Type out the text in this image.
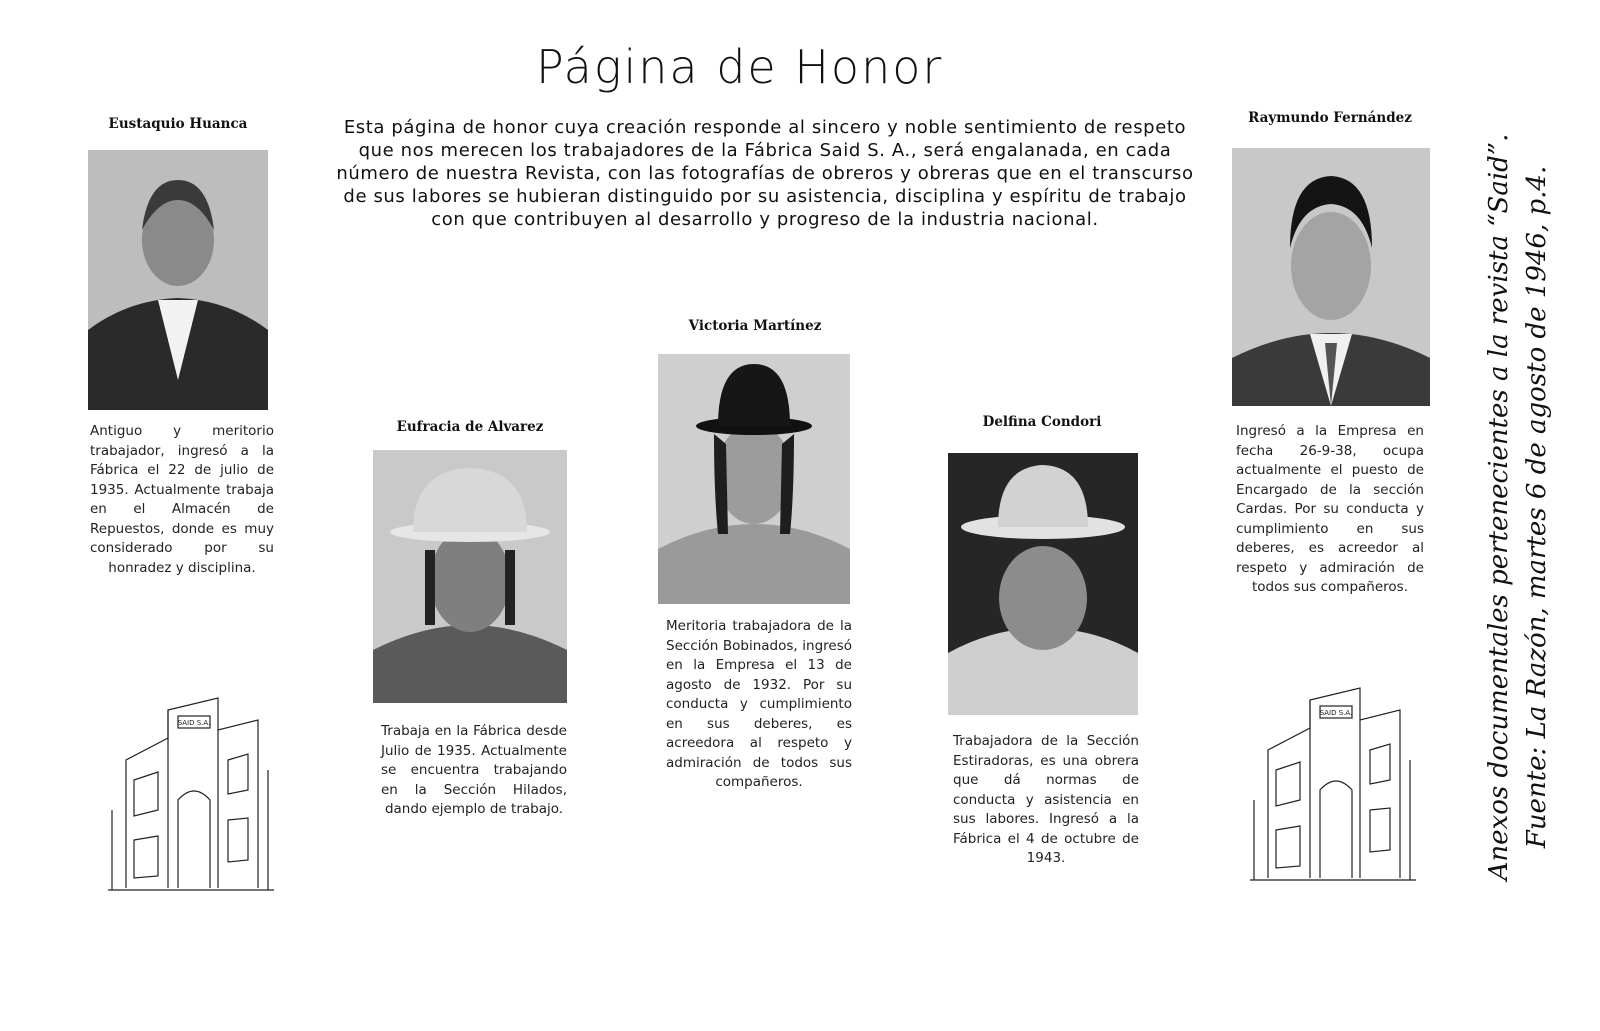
Página de Honor
Esta página de honor cuya creación responde al sincero y noble sentimiento de respeto que nos merecen los trabajadores de la Fábrica Said S. A., será engalanada, en cada número de nuestra Revista, con las fotografías de obreros y obreras que en el transcurso de sus labores se hubieran distinguido por su asistencia, disciplina y espíritu de trabajo con que contribuyen al desarrollo y progreso de la industria nacional.
Eustaquio Huanca
Antiguo y meritorio trabajador, ingresó a la Fábrica el 22 de julio de 1935. Actualmente trabaja en el Almacén de Repuestos, donde es muy considerado por su honradez y disciplina.
SAID S.A.
Eufracia de Alvarez
Trabaja en la Fábrica desde Julio de 1935. Actualmente se encuentra trabajando en la Sección Hilados, dando ejemplo de trabajo.
Victoria Martínez
Meritoria trabajadora de la Sección Bobinados, ingresó en la Empresa el 13 de agosto de 1932. Por su conducta y cumplimiento en sus deberes, es acreedora al respeto y admiración de todos sus compañeros.
Delfina Condori
Trabajadora de la Sección Estiradoras, es una obrera que dá normas de conducta y asistencia en sus labores. Ingresó a la Fábrica el 4 de octubre de 1943.
Raymundo Fernández
Ingresó a la Empresa en fecha 26-9-38, ocupa actualmente el puesto de Encargado de la sección Cardas. Por su conducta y cumplimiento en sus deberes, es acreedor al respeto y admiración de todos sus compañeros.
SAID S.A.	Anexos documentales pertenecientes a la revista “Said”. Fuente: La Razón, martes 6 de agosto de 1946, p.4.
